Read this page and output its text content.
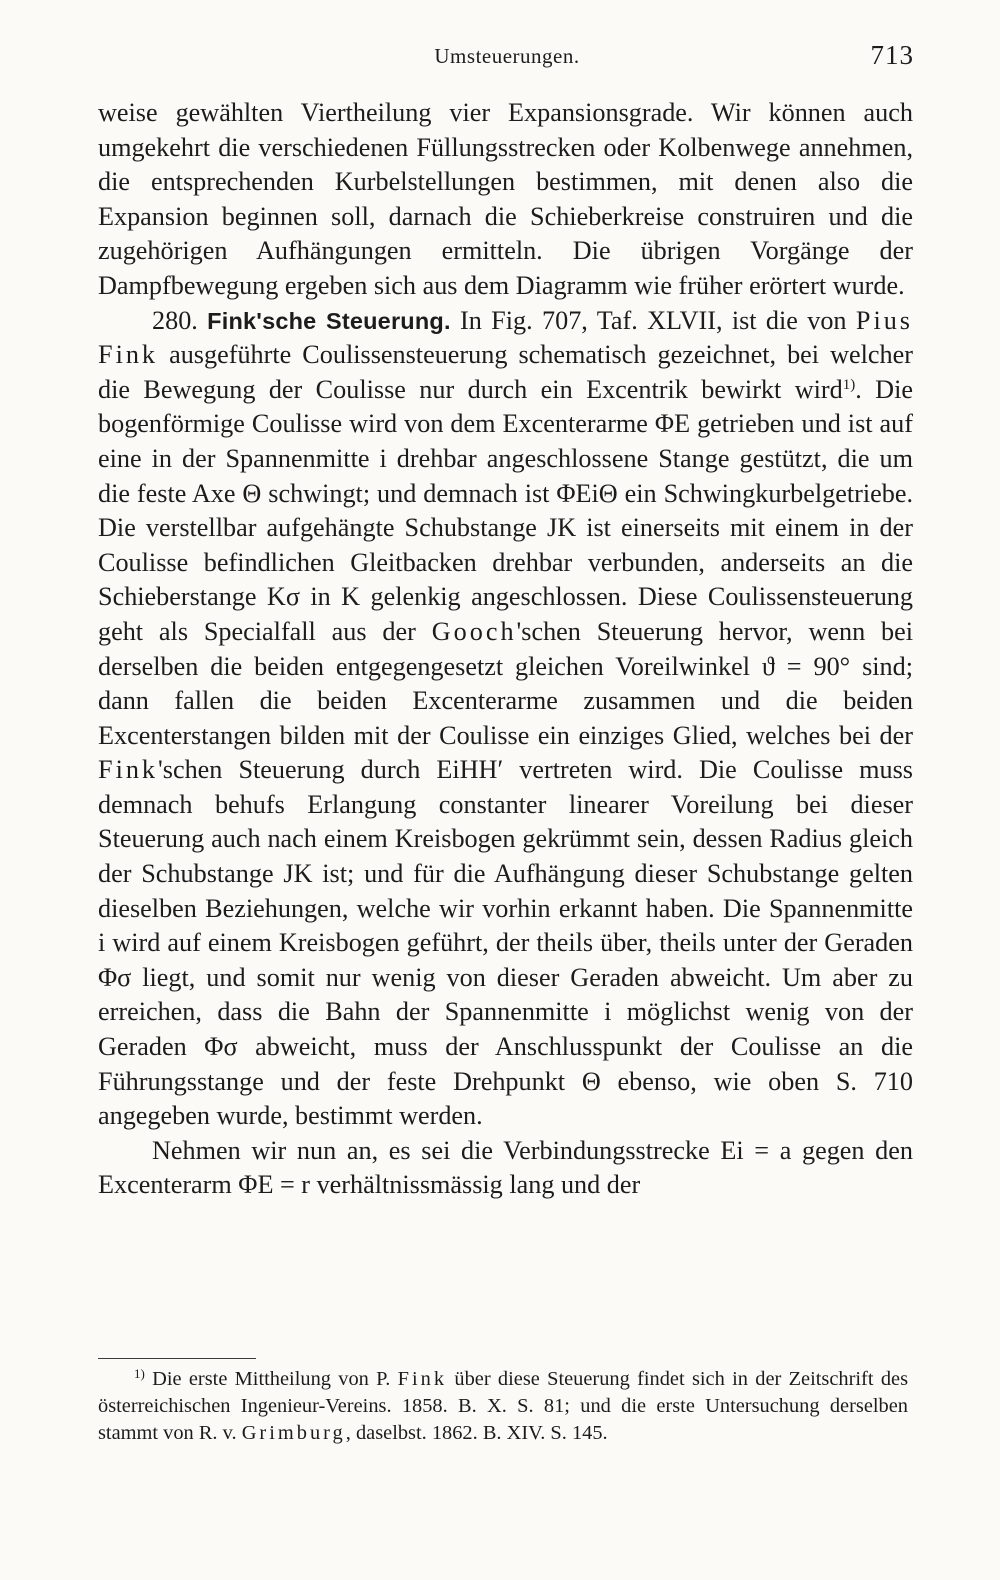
Umsteuerungen.	713

weise gewählten Viertheilung vier Expansionsgrade. Wir können auch umgekehrt die verschiedenen Füllungsstrecken oder Kolbenwege annehmen, die entsprechenden Kurbelstellungen bestimmen, mit denen also die Expansion beginnen soll, darnach die Schieberkreise construiren und die zugehörigen Aufhängungen ermitteln. Die übrigen Vorgänge der Dampfbewegung ergeben sich aus dem Diagramm wie früher erörtert wurde.

280. Fink'sche Steuerung. In Fig. 707, Taf. XLVII, ist die von Pius Fink ausgeführte Coulissensteuerung schematisch gezeichnet, bei welcher die Bewegung der Coulisse nur durch ein Excentrik bewirkt wird$^{1)}$. Die bogenförmige Coulisse wird von dem Excenterarme ΦE getrieben und ist auf eine in der Spannenmitte i drehbar angeschlossene Stange gestützt, die um die feste Axe Θ schwingt; und demnach ist ΦEiΘ ein Schwingkurbelgetriebe. Die verstellbar aufgehängte Schubstange JK ist einerseits mit einem in der Coulisse befindlichen Gleitbacken drehbar verbunden, anderseits an die Schieberstange Kσ in K gelenkig angeschlossen. Diese Coulissensteuerung geht als Specialfall aus der Gooch'schen Steuerung hervor, wenn bei derselben die beiden entgegengesetzt gleichen Voreilwinkel ϑ = 90° sind; dann fallen die beiden Excenterarme zusammen und die beiden Excenterstangen bilden mit der Coulisse ein einziges Glied, welches bei der Fink'schen Steuerung durch EiHH′ vertreten wird. Die Coulisse muss demnach behufs Erlangung constanter linearer Voreilung bei dieser Steuerung auch nach einem Kreisbogen gekrümmt sein, dessen Radius gleich der Schubstange JK ist; und für die Aufhängung dieser Schubstange gelten dieselben Beziehungen, welche wir vorhin erkannt haben. Die Spannenmitte i wird auf einem Kreisbogen geführt, der theils über, theils unter der Geraden Φσ liegt, und somit nur wenig von dieser Geraden abweicht. Um aber zu erreichen, dass die Bahn der Spannenmitte i möglichst wenig von der Geraden Φσ abweicht, muss der Anschlusspunkt der Coulisse an die Führungsstange und der feste Drehpunkt Θ ebenso, wie oben S. 710 angegeben wurde, bestimmt werden.

Nehmen wir nun an, es sei die Verbindungsstrecke Ei = a gegen den Excenterarm ΦE = r verhältnissmässig lang und der

$^{1)}$ Die erste Mittheilung von P. Fink über diese Steuerung findet sich in der Zeitschrift des österreichischen Ingenieur-Vereins. 1858. B. X. S. 81; und die erste Untersuchung derselben stammt von R. v. Grimburg, daselbst. 1862. B. XIV. S. 145.
